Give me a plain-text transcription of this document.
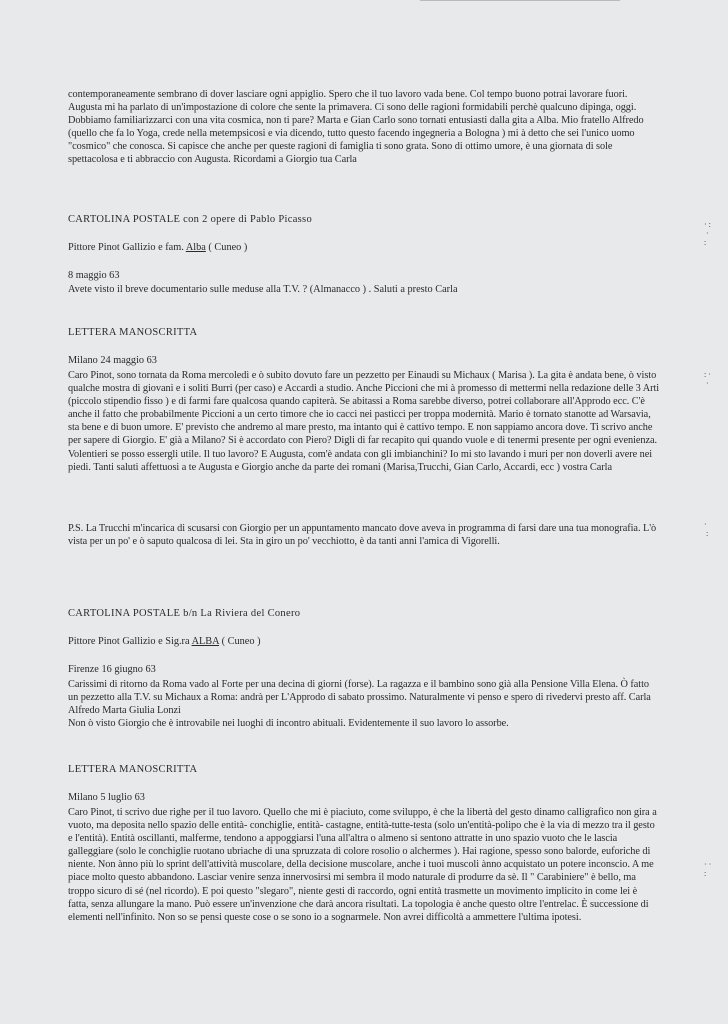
contemporaneamente sembrano di dover lasciare ogni appiglio. Spero che il tuo lavoro vada bene. Col tempo buono potrai lavorare fuori. Augusta mi ha parlato di un'impostazione di colore che sente la primavera. Ci sono delle ragioni formidabili perchè qualcuno dipinga, oggi. Dobbiamo familiarizzarci con una vita cosmica, non ti pare? Marta e Gian Carlo sono tornati entusiasti dalla gita a Alba. Mio fratello Alfredo (quello che fa lo Yoga, crede nella metempsicosi e via dicendo, tutto questo facendo ingegneria a Bologna ) mi à detto che sei l'unico uomo "cosmico" che conosca. Si capisce che anche per queste ragioni di famiglia ti sono grata. Sono di ottimo umore, è una giornata di sole spettacolosa e ti abbraccio con Augusta. Ricordami a Giorgio tua Carla

CARTOLINA POSTALE con 2 opere di Pablo Picasso
Pittore Pinot Gallizio e fam. Alba ( Cuneo )
8 maggio 63
Avete visto il breve documentario sulle meduse alla T.V. ? (Almanacco ) . Saluti a presto Carla
LETTERA MANOSCRITTA
Milano 24 maggio 63

Caro Pinot, sono tornata da Roma mercoledì e ò subito dovuto fare un pezzetto per Einaudi su Michaux ( Marisa ). La gita è andata bene, ò visto qualche mostra di giovani e i soliti Burri (per caso) e Accardi a studio. Anche Piccioni che mi à promesso di mettermi nella redazione delle 3 Arti (piccolo stipendio fisso ) e di farmi fare qualcosa quando capiterà. Se abitassi a Roma sarebbe diverso, potrei collaborare all'Approdo ecc. C'è anche il fatto che probabilmente Piccioni a un certo timore che io cacci nei pasticci per troppa modernità. Mario è tornato stanotte ad Warsavia, sta bene e di buon umore. E' previsto che andremo al mare presto, ma intanto qui è cattivo tempo. E non sappiamo ancora dove. Ti scrivo anche per sapere di Giorgio. E' già a Milano? Si è accordato con Piero? Digli di far recapito qui quando vuole e di tenermi presente per ogni evenienza. Volentieri se posso essergli utile. Il tuo lavoro? E Augusta, com'è andata con gli imbianchini? Io mi sto lavando i muri per non doverli avere nei piedi. Tanti saluti affettuosi a te Augusta e Giorgio anche da parte dei romani (Marisa,Trucchi, Gian Carlo, Accardi, ecc ) vostra Carla

P.S. La Trucchi m'incarica di scusarsi con Giorgio per un appuntamento mancato dove aveva in programma di farsi dare una tua monografia. L'ò vista per un po' e ò saputo qualcosa di lei. Sta in giro un po' vecchiotto, è da tanti anni l'amica di Vigorelli.

CARTOLINA POSTALE b/n La Riviera del Conero
Pittore Pinot Gallizio e Sig.ra ALBA ( Cuneo )
Firenze 16 giugno 63

Carissimi di ritorno da Roma vado al Forte per una decina di giorni (forse). La ragazza e il bambino sono già alla Pensione Villa Elena. Ò fatto un pezzetto alla T.V. su Michaux a Roma: andrà per L'Approdo di sabato prossimo. Naturalmente vi penso e spero di rivedervi presto aff. Carla Alfredo Marta Giulia Lonzi

Non ò visto Giorgio che è introvabile nei luoghi di incontro abituali. Evidentemente il suo lavoro lo assorbe.

LETTERA MANOSCRITTA
Milano 5 luglio 63

Caro Pinot, ti scrivo due righe per il tuo lavoro. Quello che mi è piaciuto, come sviluppo, è che la libertà del gesto dinamo calligrafico non gira a vuoto, ma deposita nello spazio delle entità- conchiglie, entità- castagne, entità-tutte-testa (solo un'entità-polipo che è la via di mezzo tra il gesto e l'entità). Entità oscillanti, malferme, tendono a appoggiarsi l'una all'altra o almeno si sentono attratte in uno spazio vuoto che le lascia galleggiare (solo le conchiglie ruotano ubriache di una spruzzata di colore rosolio o alchermes ). Hai ragione, spesso sono balorde, euforiche di niente. Non ànno più lo sprint dell'attività muscolare, della decisione muscolare, anche i tuoi muscoli ànno acquistato un potere inconscio. A me piace molto questo abbandono. Lasciar venire senza innervosirsi mi sembra il modo naturale di produrre da sè. Il " Carabiniere" è bello, ma troppo sicuro di sé (nel ricordo). E poi questo "slegaro", niente gesti di raccordo, ogni entità trasmette un movimento implicito in come lei è fatta, senza allungare la mano. Può essere un'invenzione che darà ancora risultati. La topologia è anche questo oltre l'entrelac. È successione di elementi nell'infinito. Non so se pensi queste cose o se sono io a sognarmele. Non avrei difficoltà a ammettere l'ultima ipotesi.

· :
·
:
: ·
·
·
:
· ·
:
